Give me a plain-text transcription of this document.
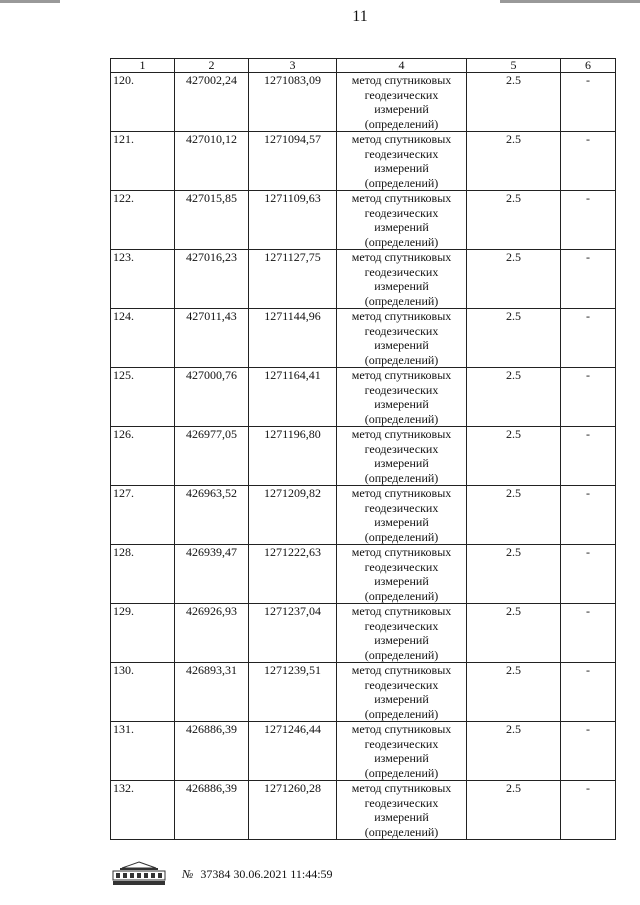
11
1	2	3	4	5	6
120.	427002,24	1271083,09	метод спутниковых геодезических измерений (определений)	2.5	-
121.	427010,12	1271094,57	метод спутниковых геодезических измерений (определений)	2.5	-
122.	427015,85	1271109,63	метод спутниковых геодезических измерений (определений)	2.5	-
123.	427016,23	1271127,75	метод спутниковых геодезических измерений (определений)	2.5	-
124.	427011,43	1271144,96	метод спутниковых геодезических измерений (определений)	2.5	-
125.	427000,76	1271164,41	метод спутниковых геодезических измерений (определений)	2.5	-
126.	426977,05	1271196,80	метод спутниковых геодезических измерений (определений)	2.5	-
127.	426963,52	1271209,82	метод спутниковых геодезических измерений (определений)	2.5	-
128.	426939,47	1271222,63	метод спутниковых геодезических измерений (определений)	2.5	-
129.	426926,93	1271237,04	метод спутниковых геодезических измерений (определений)	2.5	-
130.	426893,31	1271239,51	метод спутниковых геодезических измерений (определений)	2.5	-
131.	426886,39	1271246,44	метод спутниковых геодезических измерений (определений)	2.5	-
132.	426886,39	1271260,28	метод спутниковых геодезических измерений (определений)	2.5	-
№ 37384 30.06.2021 11:44:59
